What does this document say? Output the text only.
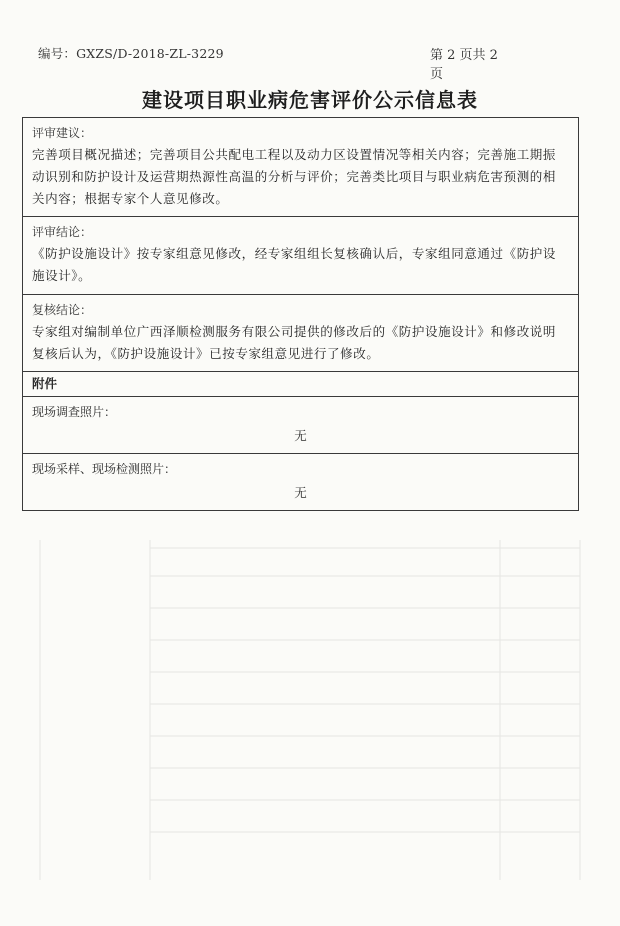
编号：GXZS/D-2018-ZL-3229	第 2 页共 2 页
建设项目职业病危害评价公示信息表
评审建议：
完善项目概况描述；完善项目公共配电工程以及动力区设置情况等相关内容；完善施工期振动识别和防护设计及运营期热源性高温的分析与评价；完善类比项目与职业病危害预测的相关内容；根据专家个人意见修改。

评审结论：
《防护设施设计》按专家组意见修改，经专家组组长复核确认后，专家组同意通过《防护设施设计》。

复核结论：
专家组对编制单位广西泽顺检测服务有限公司提供的修改后的《防护设施设计》和修改说明复核后认为，《防护设施设计》已按专家组意见进行了修改。

附件

现场调查照片：
无

现场采样、现场检测照片：
无
